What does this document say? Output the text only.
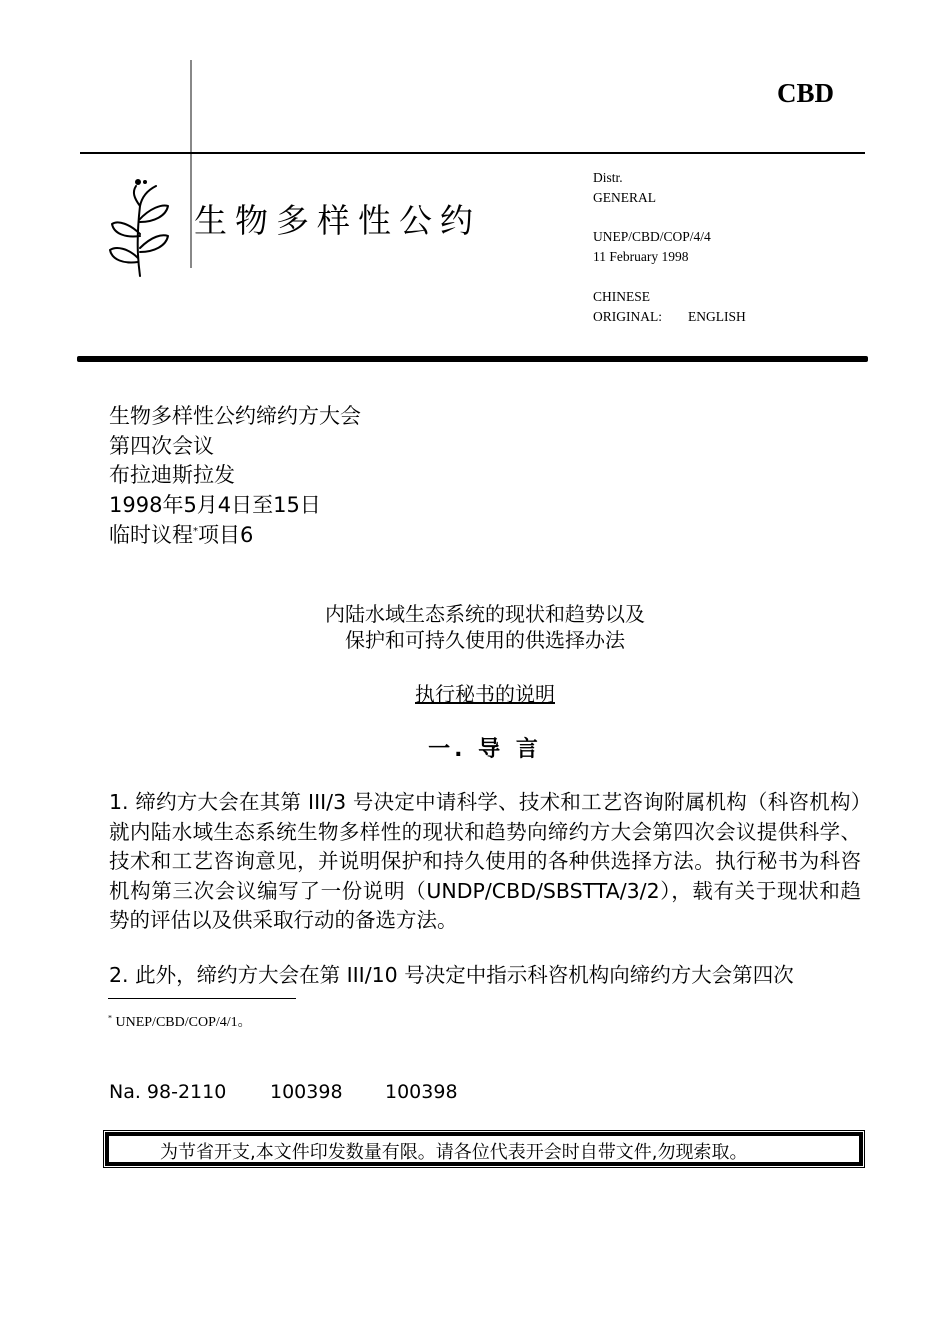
CBD
生物多样性公约
Distr.
GENERAL
UNEP/CBD/COP/4/4
11 February 1998
CHINESE
ORIGINAL: ENGLISH
生物多样性公约缔约方大会
第四次会议
布拉迪斯拉发
1998年5月4日至15日
临时议程*项目6
内陆水域生态系统的现状和趋势以及
保护和可持久使用的供选择办法
执行秘书的说明
一. 导 言

1. 缔约方大会在其第 III/3 号决定中请科学、技术和工艺咨询附属机构（科咨机构）就内陆水域生态系统生物多样性的现状和趋势向缔约方大会第四次会议提供科学、技术和工艺咨询意见，并说明保护和持久使用的各种供选择方法。执行秘书为科咨机构第三次会议编写了一份说明（UNDP/CBD/SBSTTA/3/2），载有关于现状和趋势的评估以及供采取行动的备选方法。

2. 此外，缔约方大会在第 III/10 号决定中指示科咨机构向缔约方大会第四次

* UNEP/CBD/COP/4/1。
Na. 98-2110 100398 100398
为节省开支,本文件印发数量有限。请各位代表开会时自带文件,勿现索取。
